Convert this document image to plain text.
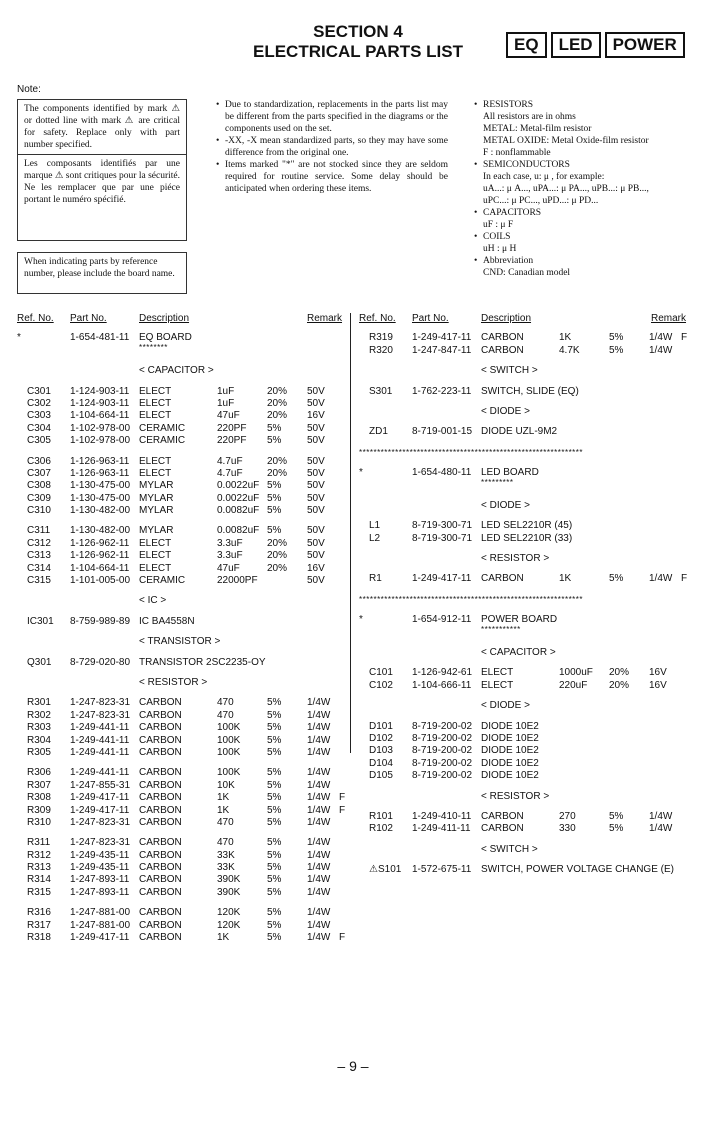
SECTION 4
ELECTRICAL PARTS LIST	EQ	LED	POWER
Note:

The components identified by mark ⚠ or dotted line with mark ⚠ are critical for safety. Replace only with part number specified.

Les composants identifiés par une marque ⚠ sont critiques pour la sécurité. Ne les remplacer que par une piéce portant le numéro spécifié.

When indicating parts by reference number, please include the board name.

• Due to standardization, replacements in the parts list may be different from the parts specified in the diagrams or the components used on the set.
• -XX, -X mean standardized parts, so they may have some difference from the original one.
• Items marked "*" are not stocked since they are seldom required for routine service. Some delay should be anticipated when ordering these items.
• RESISTORS
All resistors are in ohms
METAL: Metal-film resistor
METAL OXIDE: Metal Oxide-film resistor
F : nonflammable
• SEMICONDUCTORS
In each case, u: μ , for example:
uA...: μ A..., uPA...: μ PA..., uPB...: μ PB...,
uPC...: μ PC..., uPD...: μ PD...
• CAPACITORS
uF : μ F
• COILS
uH : μ H
• Abbreviation
CND: Canadian model
Ref. No. Part No.	Description	Remark
*	1-654-481-11 EQ BOARD
********
< CAPACITOR >
C301 1-124-903-11 ELECT	1uF	20% 50V
C302 1-124-903-11 ELECT	1uF	20% 50V
C303 1-104-664-11 ELECT	47uF	20% 16V
C304 1-102-978-00 CERAMIC	220PF 5%	50V
C305 1-102-978-00 CERAMIC	220PF 5%	50V
C306 1-126-963-11 ELECT	4.7uF 20% 50V
C307 1-126-963-11 ELECT	4.7uF 20% 50V
C308 1-130-475-00 MYLAR	0.0022uF 5%	50V
C309 1-130-475-00 MYLAR	0.0022uF 5%	50V
C310 1-130-482-00 MYLAR	0.0082uF 5%	50V
C311 1-130-482-00 MYLAR	0.0082uF 5%	50V
C312 1-126-962-11 ELECT	3.3uF 20% 50V
C313 1-126-962-11 ELECT	3.3uF 20% 50V
C314 1-104-664-11 ELECT	47uF	20% 16V
C315 1-101-005-00 CERAMIC	22000PF	50V
< IC >
IC301 8-759-989-89 IC BA4558N
< TRANSISTOR >
Q301 8-729-020-80 TRANSISTOR 2SC2235-OY
< RESISTOR >
R301 1-247-823-31 CARBON	470	5%	1/4W
R302 1-247-823-31 CARBON	470	5%	1/4W
R303 1-249-441-11 CARBON	100K	5%	1/4W
R304 1-249-441-11 CARBON	100K	5%	1/4W
R305 1-249-441-11 CARBON	100K	5%	1/4W
R306 1-249-441-11 CARBON	100K	5%	1/4W
R307 1-247-855-31 CARBON	10K	5%	1/4W
R308 1-249-417-11 CARBON	1K	5%	1/4W F
R309 1-249-417-11 CARBON	1K	5%	1/4W F
R310 1-247-823-31 CARBON	470	5%	1/4W
R311 1-247-823-31 CARBON	470	5%	1/4W
R312 1-249-435-11 CARBON	33K	5%	1/4W
R313 1-249-435-11 CARBON	33K	5%	1/4W
R314 1-247-893-11 CARBON	390K	5%	1/4W
R315 1-247-893-11 CARBON	390K	5%	1/4W
R316 1-247-881-00 CARBON	120K	5%	1/4W
R317 1-247-881-00 CARBON	120K	5%	1/4W
R318 1-249-417-11 CARBON	1K	5%	1/4W F
Ref. No. Part No.	Description	Remark
R319 1-249-417-11 CARBON	1K	5%	1/4W F
R320 1-247-847-11 CARBON	4.7K	5%	1/4W
< SWITCH >
S301 1-762-223-11 SWITCH, SLIDE (EQ)
< DIODE >
ZD1 8-719-001-15 DIODE UZL-9M2
**************************************************************
*	1-654-480-11 LED BOARD
*********
< DIODE >
L1	8-719-300-71 LED SEL2210R (45)
L2	8-719-300-71 LED SEL2210R (33)
< RESISTOR >
R1	1-249-417-11 CARBON	1K	5%	1/4W F
**************************************************************
*	1-654-912-11 POWER BOARD
***********
< CAPACITOR >
C101 1-126-942-61 ELECT	1000uF 20% 16V
C102 1-104-666-11 ELECT	220uF 20% 16V
< DIODE >
D101 8-719-200-02 DIODE 10E2
D102 8-719-200-02 DIODE 10E2
D103 8-719-200-02 DIODE 10E2
D104 8-719-200-02 DIODE 10E2
D105 8-719-200-02 DIODE 10E2
< RESISTOR >
R101 1-249-410-11 CARBON	270	5%	1/4W
R102 1-249-411-11 CARBON	330	5%	1/4W
< SWITCH >
⚠S101 1-572-675-11 SWITCH, POWER VOLTAGE CHANGE (E)
– 9 –
